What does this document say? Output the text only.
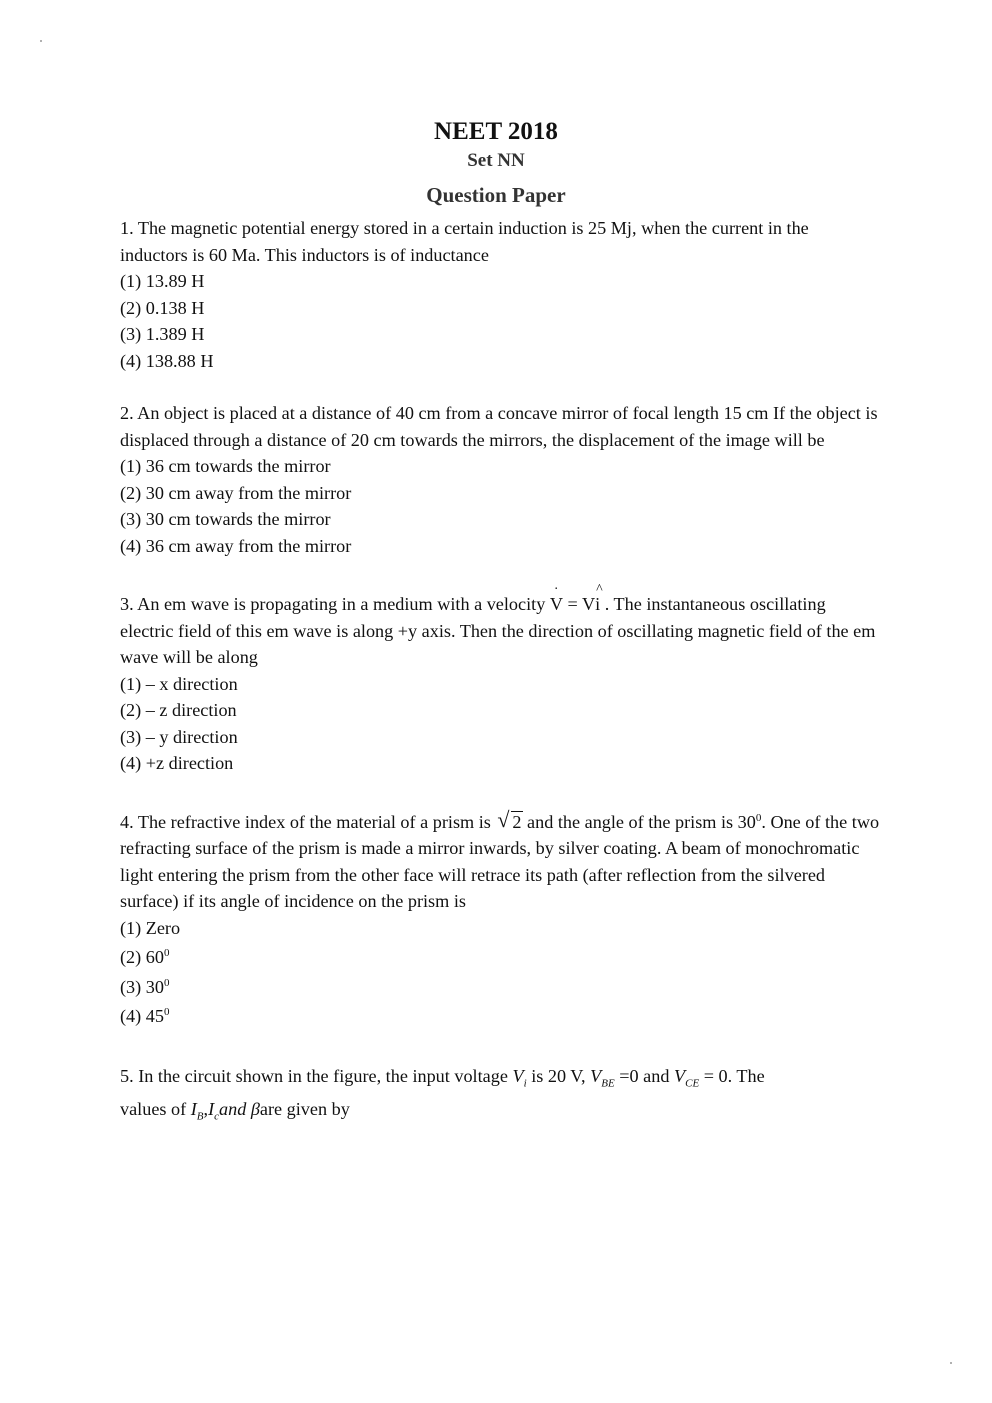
NEET 2018
Set NN
Question Paper

1. The magnetic potential energy stored in a certain induction is 25 Mj, when the current in the inductors is 60 Ma. This inductors is of inductance

(1) 13.89 H
(2) 0.138 H
(3) 1.389 H
(4) 138.88 H

2. An object is placed at a distance of 40 cm from a concave mirror of focal length 15 cm If the object is displaced through a distance of 20 cm towards the mirrors, the displacement of the image will be

(1) 36 cm towards the mirror
(2) 30 cm away from the mirror
(3) 30 cm towards the mirror
(4) 36 cm away from the mirror

3. An em wave is propagating in a medium with a velocity V · = Vi ^ . The instantaneous oscillating electric field of this em wave is along +y axis. Then the direction of oscillating magnetic field of the em wave will be along

(1) – x direction
(2) – z direction
(3) – y direction
(4) +z direction

4. The refractive index of the material of a prism is √ 2 and the angle of the prism is $30^0$. One of the two refracting surface of the prism is made a mirror inwards, by silver coating. A beam of monochromatic light entering the prism from the other face will retrace its path (after reflection from the silvered surface) if its angle of incidence on the prism is

(1) Zero
(2) $60^0$
(3) $30^0$
(4) $45^0$

5. In the circuit shown in the figure, the input voltage $V_i$ is 20 V, $V_{BE} =0$ and $V_{CE} = 0$. The
values of $I_B,I_cand$ βare given by
